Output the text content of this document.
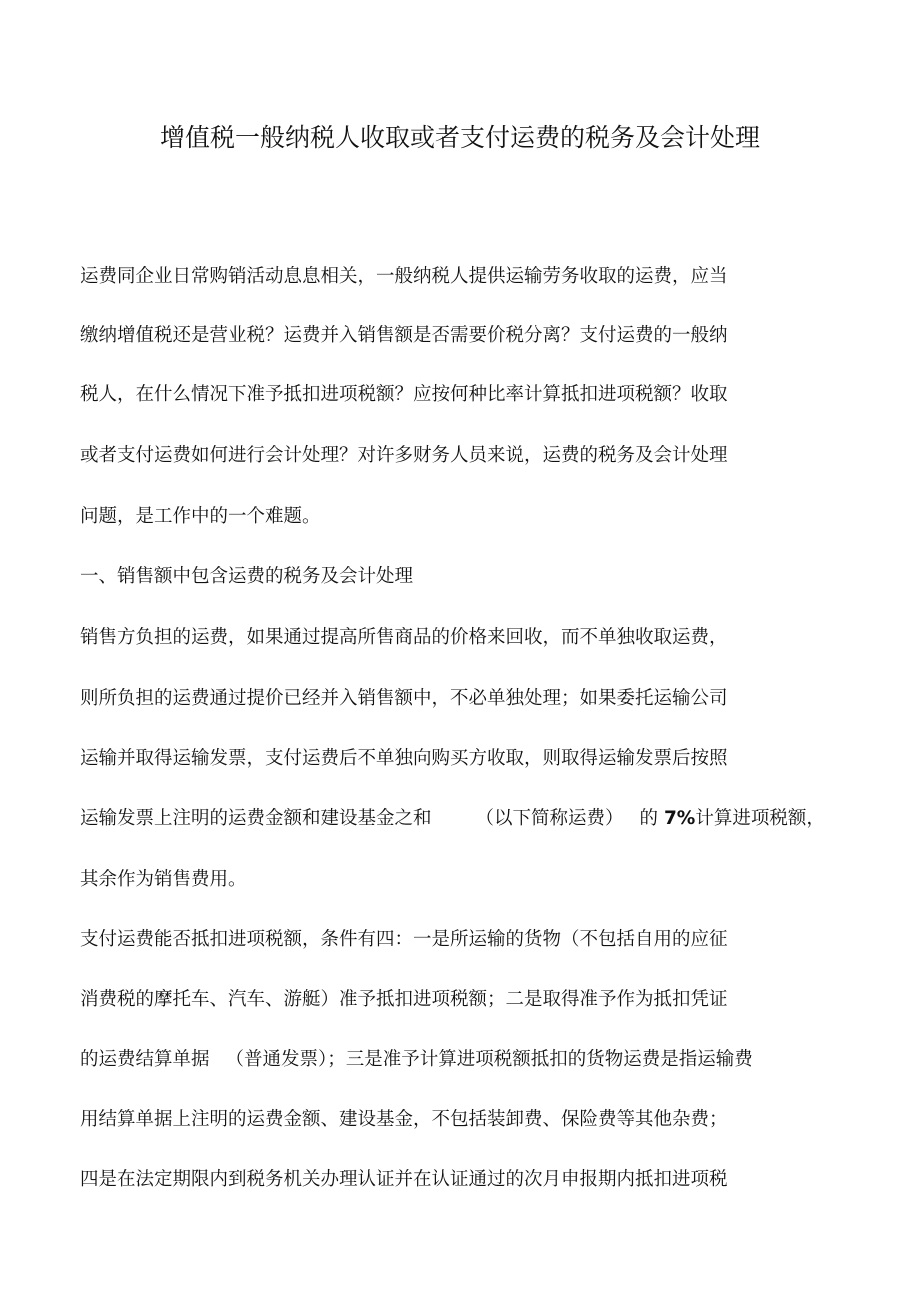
增值税一般纳税人收取或者支付运费的税务及会计处理
运费同企业日常购销活动息息相关，一般纳税人提供运输劳务收取的运费，应当
缴纳增值税还是营业税？运费并入销售额是否需要价税分离？支付运费的一般纳
税人，在什么情况下准予抵扣进项税额？应按何种比率计算抵扣进项税额？收取
或者支付运费如何进行会计处理？对许多财务人员来说，运费的税务及会计处理
问题，是工作中的一个难题。
一、销售额中包含运费的税务及会计处理
销售方负担的运费，如果通过提高所售商品的价格来回收，而不单独收取运费，
则所负担的运费通过提价已经并入销售额中，不必单独处理；如果委托运输公司
运输并取得运输发票，支付运费后不单独向购买方收取，则取得运输发票后按照
运输发票上注明的运费金额和建设基金之和 （以下简称运费） 的 7%计算进项税额，
其余作为销售费用。
支付运费能否抵扣进项税额，条件有四：一是所运输的货物（不包括自用的应征
消费税的摩托车、汽车、游艇）准予抵扣进项税额；二是取得准予作为抵扣凭证
的运费结算单据 （普通发票）；三是准予计算进项税额抵扣的货物运费是指运输费
用结算单据上注明的运费金额、建设基金，不包括装卸费、保险费等其他杂费；
四是在法定期限内到税务机关办理认证并在认证通过的次月申报期内抵扣进项税
